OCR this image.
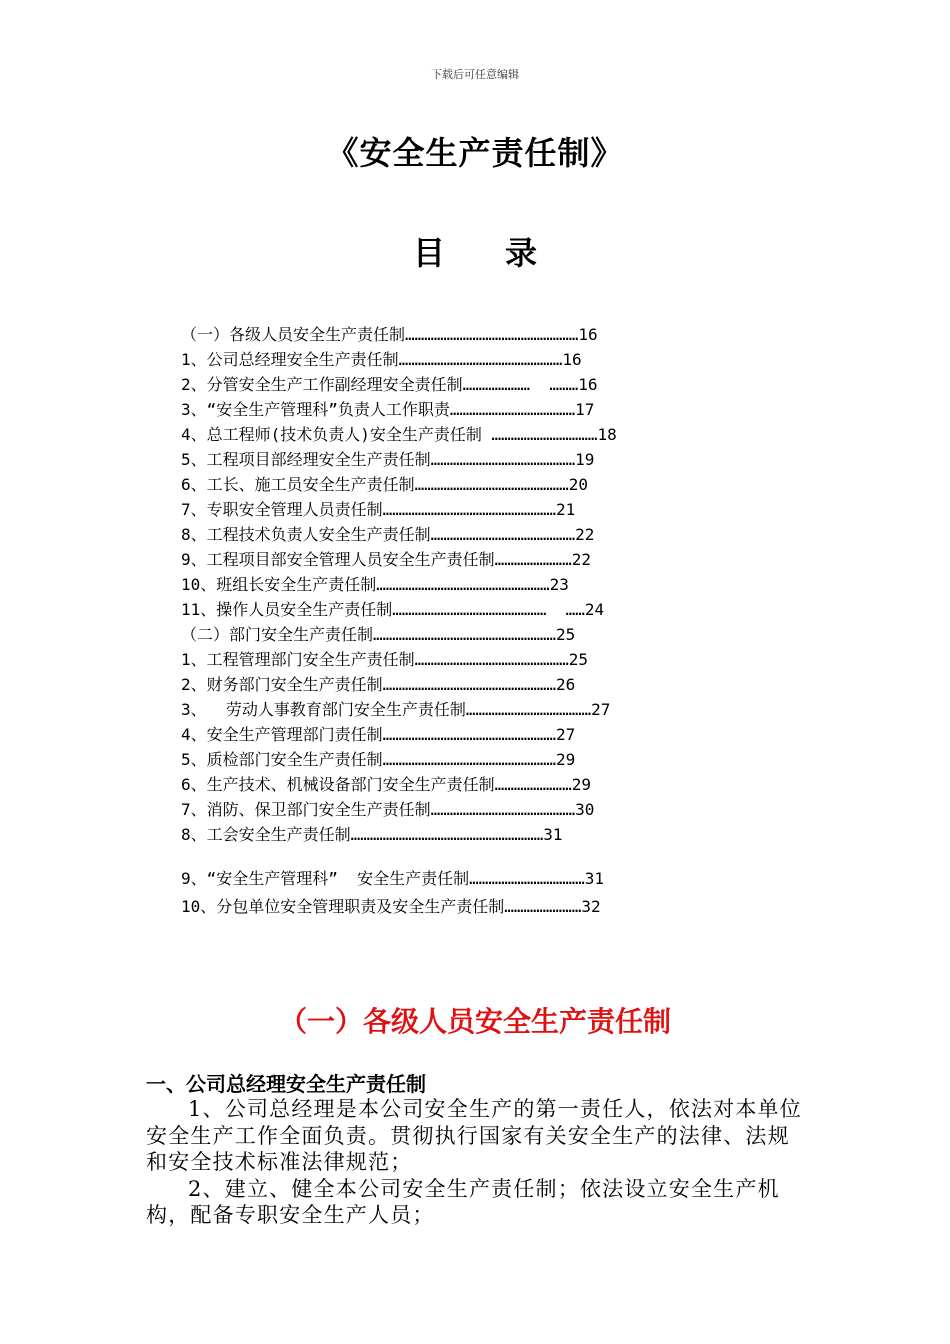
下载后可任意编辑
《安全生产责任制》
目 录
（一）各级人员安全生产责任制………………………………………………16
1、公司总经理安全生产责任制……………………………………………16
2、分管安全生产工作副经理安全责任制…………………  ………16
3、“安全生产管理科”负责人工作职责…………………………………17
4、总工程师(技术负责人)安全生产责任制 ……………………………18
5、工程项目部经理安全生产责任制………………………………………19
6、工长、施工员安全生产责任制…………………………………………20
7、专职安全管理人员责任制………………………………………………21
8、工程技术负责人安全生产责任制………………………………………22
9、工程项目部安全管理人员安全生产责任制……………………22
10、班组长安全生产责任制………………………………………………23
11、操作人员安全生产责任制…………………………………………  ……24
（二）部门安全生产责任制…………………………………………………25
1、工程管理部门安全生产责任制…………………………………………25
2、财务部门安全生产责任制………………………………………………26
3、  劳动人事教育部门安全生产责任制…………………………………27
4、安全生产管理部门责任制………………………………………………27
5、质检部门安全生产责任制………………………………………………29
6、生产技术、机械设备部门安全生产责任制……………………29
7、消防、保卫部门安全生产责任制………………………………………30
8、工会安全生产责任制……………………………………………………31
9、“安全生产管理科”  安全生产责任制………………………………31
10、分包单位安全管理职责及安全生产责任制……………………32
（一）各级人员安全生产责任制
一、公司总经理安全生产责任制

1、公司总经理是本公司安全生产的第一责任人，依法对本单位安全生产工作全面负责。贯彻执行国家有关安全生产的法律、法规和安全技术标准法律规范；

2、建立、健全本公司安全生产责任制；依法设立安全生产机构，配备专职安全生产人员；
